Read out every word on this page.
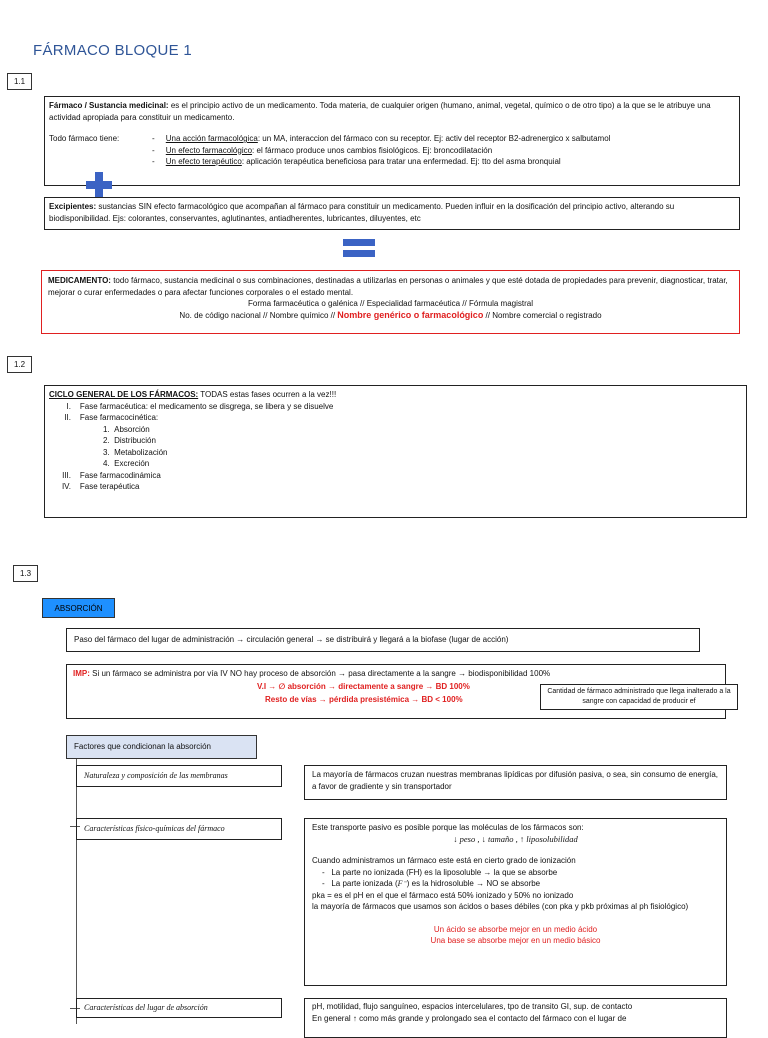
FÁRMACO BLOQUE 1
1.1
Fármaco / Sustancia medicinal: es el principio activo de un medicamento. Toda materia, de cualquier origen (humano, animal, vegetal, químico o de otro tipo) a la que se le atribuye una actividad apropiada para constituir un medicamento.
Todo fármaco tiene:	-     Una acción farmacológica: un MA, interaccion del fármaco con su receptor. Ej: activ del receptor B2-adrenergico x salbutamol
-     Un efecto farmacológico: el fármaco produce unos cambios fisiológicos. Ej: broncodilatación
-     Un efecto terapéutico: aplicación terapéutica beneficiosa para tratar una enfermedad. Ej: tto del asma bronquial
Excipientes: sustancias SIN efecto farmacológico que acompañan al fármaco para constituir un medicamento. Pueden influir en la dosificación del principio activo, alterando su biodisponibilidad. Ejs: colorantes, conservantes, aglutinantes, antiadherentes, lubricantes, diluyentes, etc
MEDICAMENTO: todo fármaco, sustancia medicinal o sus combinaciones, destinadas a utilizarlas en personas o animales y que esté dotada de propiedades para prevenir, diagnosticar, tratar, mejorar o curar enfermedades o para afectar funciones corporales o el estado mental.
Forma farmacéutica o galénica // Especialidad farmacéutica // Fórmula magistral
No. de código nacional // Nombre químico // Nombre genérico o farmacológico // Nombre comercial o registrado
1.2
CICLO GENERAL DE LOS FÁRMACOS: TODAS estas fases ocurren a la vez!!!
I. Fase farmacéutica: el medicamento se disgrega, se libera y se disuelve
II. Fase farmacocinética:
1. Absorción
2. Distribución
3. Metabolización
4. Excreción
III. Fase farmacodinámica
IV. Fase terapéutica
1.3
ABSORCIÓN
Paso del fármaco del lugar de administración → circulación general → se distribuirá y llegará a la biofase (lugar de acción)
IMP: Si un fármaco se administra por vía IV NO hay proceso de absorción → pasa directamente a la sangre → biodisponibilidad 100%
V.I → ∅ absorción → directamente a sangre → BD 100%
Resto de vías → pérdida presistémica → BD < 100%
Cantidad de fármaco administrado que llega inalterado a la sangre con capacidad de producir ef
Factores que condicionan la absorción
Naturaleza y composición de las membranas	La mayoría de fármacos cruzan nuestras membranas lipídicas por difusión pasiva, o sea, sin consumo de energía, a favor de gradiente y sin transportador
Características físico-químicas del fármaco	Este transporte pasivo es posible porque las moléculas de los fármacos son:
↓ peso , ↓ tamaño , ↑ liposolubilidad
Cuando administramos un fármaco este está en cierto grado de ionización
-   La parte no ionizada (FH) es la liposoluble → la que se absorbe
-   La parte ionizada (F⁻) es la hidrosoluble → NO se absorbe
pka = es el pH en el que el fármaco está 50% ionizado y 50% no ionizado
la mayoría de fármacos que usamos son ácidos o bases débiles (con pka y pkb próximas al ph fisiológico)
Un ácido se absorbe mejor en un medio ácido
Una base se absorbe mejor en un medio básico
Características del lugar de absorción	pH, motilidad, flujo sanguíneo, espacios intercelulares, tpo de transito GI, sup. de contacto
En general ↑ como más grande y prolongado sea el contacto del fármaco con el lugar de
